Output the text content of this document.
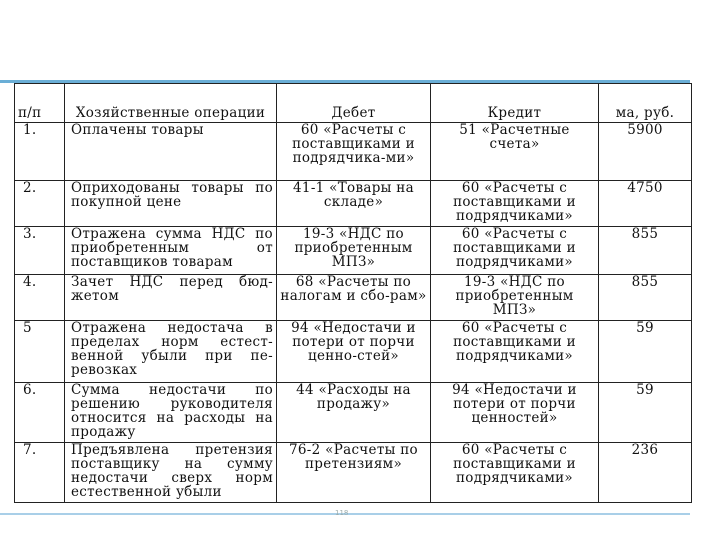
п/п	Хозяйственные операции	Дебет	Кредит	ма, руб.
1.	Оплачены товары	60 «Расчеты с поставщиками и подрядчика-ми»	51 «Расчетные счета»	5900
2.	Оприходованы товары по покупной цене	41-1 «Товары на складе»	60 «Расчеты с поставщиками и подрядчиками»	4750
3.	Отражена сумма НДС по приобретенным от поставщиков товарам	19-3 «НДС по приобретенным МПЗ»	60 «Расчеты с поставщиками и подрядчиками»	855
4.	Зачет НДС перед бюд-жетом	68 «Расчеты по налогам и сбо-рам»	19-3 «НДС по приобретенным МПЗ»	855
5	Отражена недостача в пределах норм естест-венной убыли при пе-ревозках	94 «Недостачи и потери от порчи ценно-стей»	60 «Расчеты с поставщиками и подрядчиками»	59
6.	Сумма недостачи по решению руководителя относится на расходы на продажу	44 «Расходы на продажу»	94 «Недостачи и потери от порчи ценностей»	59
7.	Предъявлена претензия поставщику на сумму недостачи сверх норм естественной убыли	76-2 «Расчеты по претензиям»	60 «Расчеты с поставщиками и подрядчиками»	236
118
